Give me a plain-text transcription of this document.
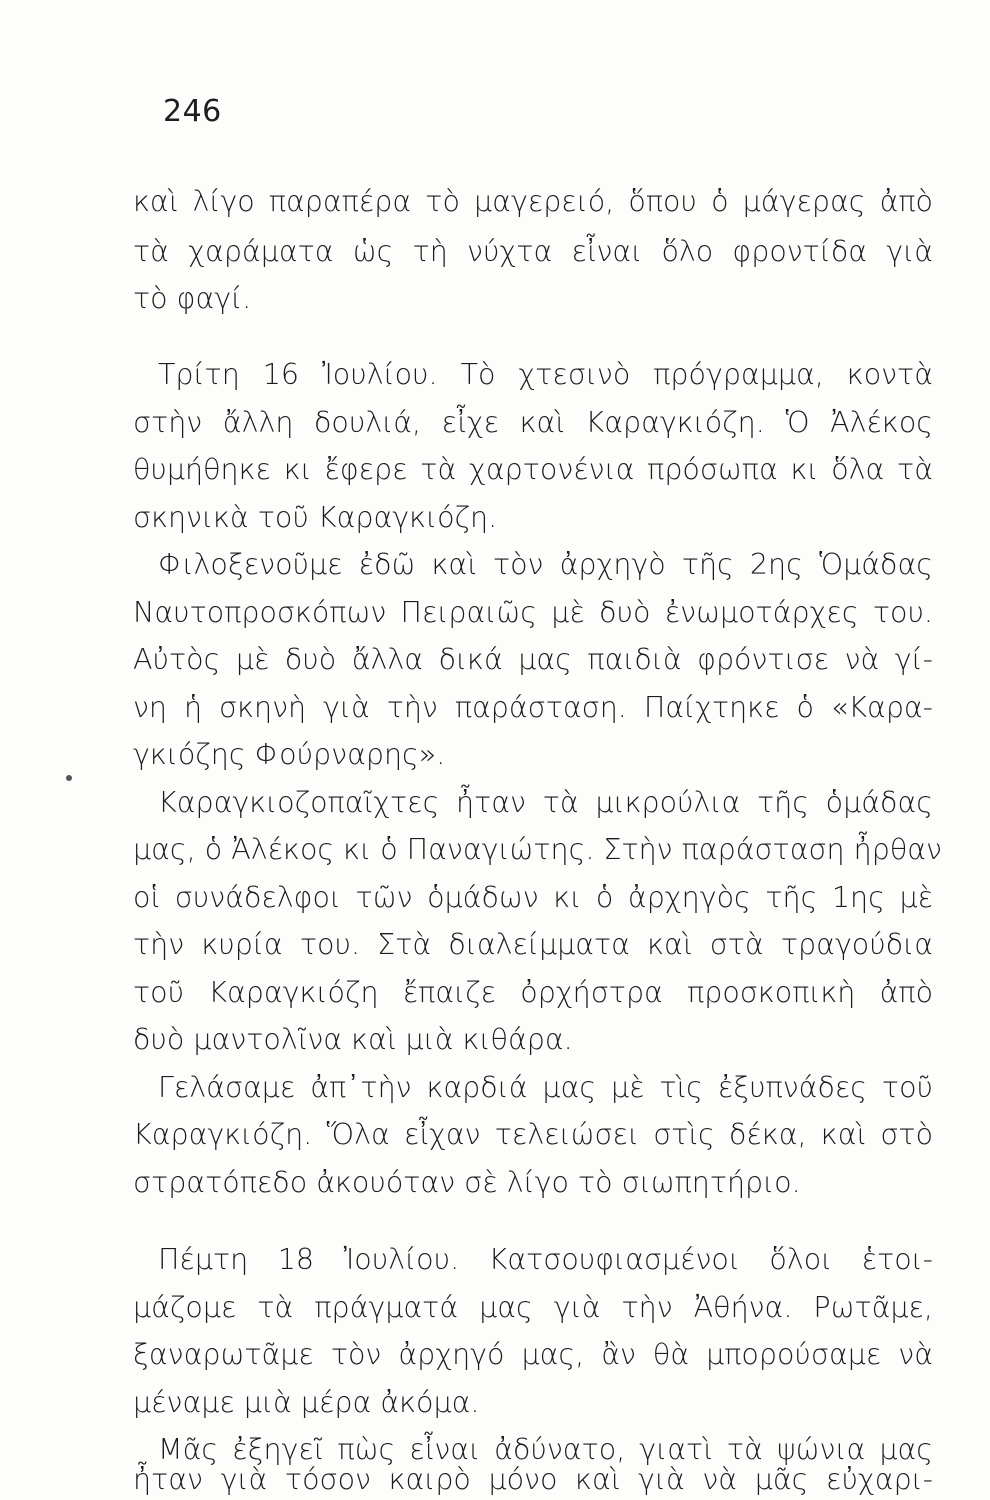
246
καὶ λίγο παραπέρα τὸ μαγερειό, ὅπου ὁ μάγερας ἀπὸ
τὰ χαράματα ὡς τὴ νύχτα εἶναι ὅλο φροντίδα γιὰ
τὸ φαγί.
Τρίτη 16 Ἰουλίου. Τὸ χτεσινὸ πρόγραμμα, κοντὰ
στὴν ἄλλη δουλιά, εἶχε καὶ Καραγκιόζη. Ὁ Ἀλέκος
θυμήθηκε κι ἔφερε τὰ χαρτονένια πρόσωπα κι ὅλα τὰ
σκηνικὰ τοῦ Καραγκιόζη.
Φιλοξενοῦμε ἐδῶ καὶ τὸν ἀρχηγὸ τῆς 2ης Ὁμάδας
Ναυτοπροσκόπων Πειραιῶς μὲ δυὸ ἐνωμοτάρχες του.
Αὐτὸς μὲ δυὸ ἄλλα δικά μας παιδιὰ φρόντισε νὰ γί-
νη ἡ σκηνὴ γιὰ τὴν παράσταση. Παίχτηκε ὁ «Καρα-
γκιόζης Φούρναρης».
Καραγκιοζοπαῖχτες ἦταν τὰ μικρούλια τῆς ὁμάδας
μας, ὁ Ἀλέκος κι ὁ Παναγιώτης. Στὴν παράσταση ἦρθαν
οἱ συνάδελφοι τῶν ὁμάδων κι ὁ ἀρχηγὸς τῆς 1ης μὲ
τὴν κυρία του. Στὰ διαλείμματα καὶ στὰ τραγούδια
τοῦ Καραγκιόζη ἔπαιζε ὀρχήστρα προσκοπικὴ ἀπὸ
δυὸ μαντολῖνα καὶ μιὰ κιθάρα.
Γελάσαμε ἀπ᾿τὴν καρδιά μας μὲ τὶς ἐξυπνάδες τοῦ
Καραγκιόζη. Ὅλα εἶχαν τελειώσει στὶς δέκα, καὶ στὸ
στρατόπεδο ἀκουόταν σὲ λίγο τὸ σιωπητήριο.
Πέμτη 18 Ἰουλίου. Κατσουφιασμένοι ὅλοι ἑτοι-
μάζομε τὰ πράγματά μας γιὰ τὴν Ἀθήνα. Ρωτᾶμε,
ξαναρωτᾶμε τὸν ἀρχηγό μας, ἂν θὰ μπορούσαμε νὰ
μέναμε μιὰ μέρα ἀκόμα.
Μᾶς ἐξηγεῖ πὼς εἶναι ἀδύνατο, γιατὶ τὰ ψώνια μας
ἦταν γιὰ τόσον καιρὸ μόνο καὶ γιὰ νὰ μᾶς εὐχαρι-
